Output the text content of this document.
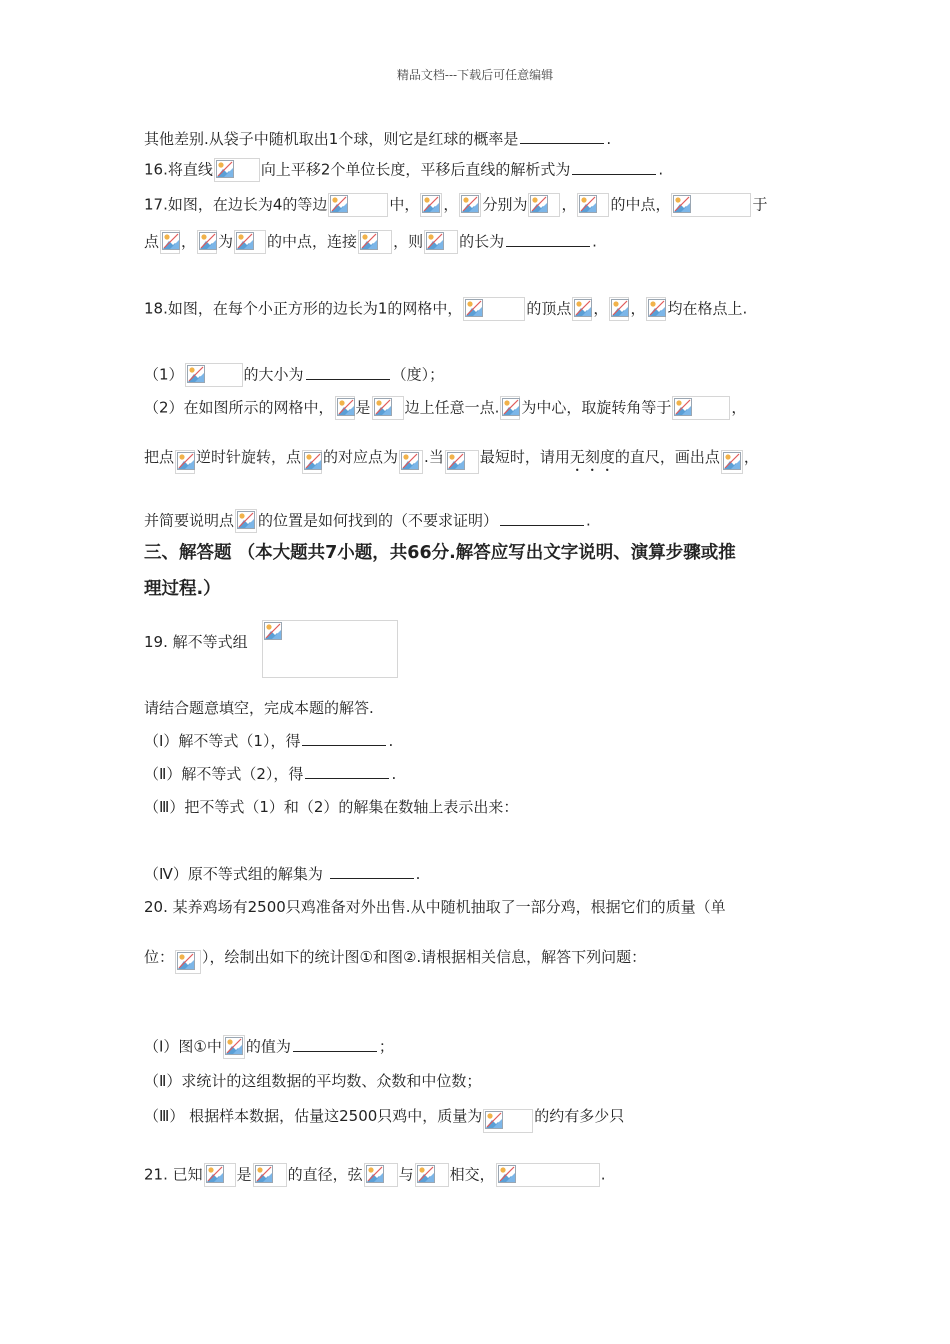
精品文档---下载后可任意编辑
其他差别.从袋子中随机取出1个球，则它是红球的概率是	.
16.将直线	向上平移2个单位长度，平移后直线的解析式为	.
17.如图，在边长为4的等边	中， ， 分别为 ， 的中点，	于
点 ， 为 的中点，连接 ，则 的长为	.
18.如图，在每个小正方形的边长为1的网格中，	的顶点 ， ， 均在格点上.
（1）	的大小为	（度）；
（2）在如图所示的网格中， 是 边上任意一点. 为中心，取旋转角等于	，
把点 逆时针旋转，点 的对应点为 .当 最短时，请用无刻度的直尺，画出点 ，
并简要说明点 的位置是如何找到的（不要求证明）	.
三、解答题 （本大题共7小题，共66分.解答应写出文字说明、演算步骤或推
理过程.）
19. 解不等式组
请结合题意填空，完成本题的解答.
（Ⅰ）解不等式（1），得	.
（Ⅱ）解不等式（2），得	.
（Ⅲ）把不等式（1）和（2）的解集在数轴上表示出来：
（Ⅳ）原不等式组的解集为	.
20. 某养鸡场有2500只鸡准备对外出售.从中随机抽取了一部分鸡，根据它们的质量（单
位： ），绘制出如下的统计图①和图②.请根据相关信息，解答下列问题：
（Ⅰ）图①中 的值为	；
（Ⅱ）求统计的这组数据的平均数、众数和中位数；
（Ⅲ） 根据样本数据，估量这2500只鸡中，质量为	的约有多少只
21. 已知 是 的直径，弦 与 相交，	.
